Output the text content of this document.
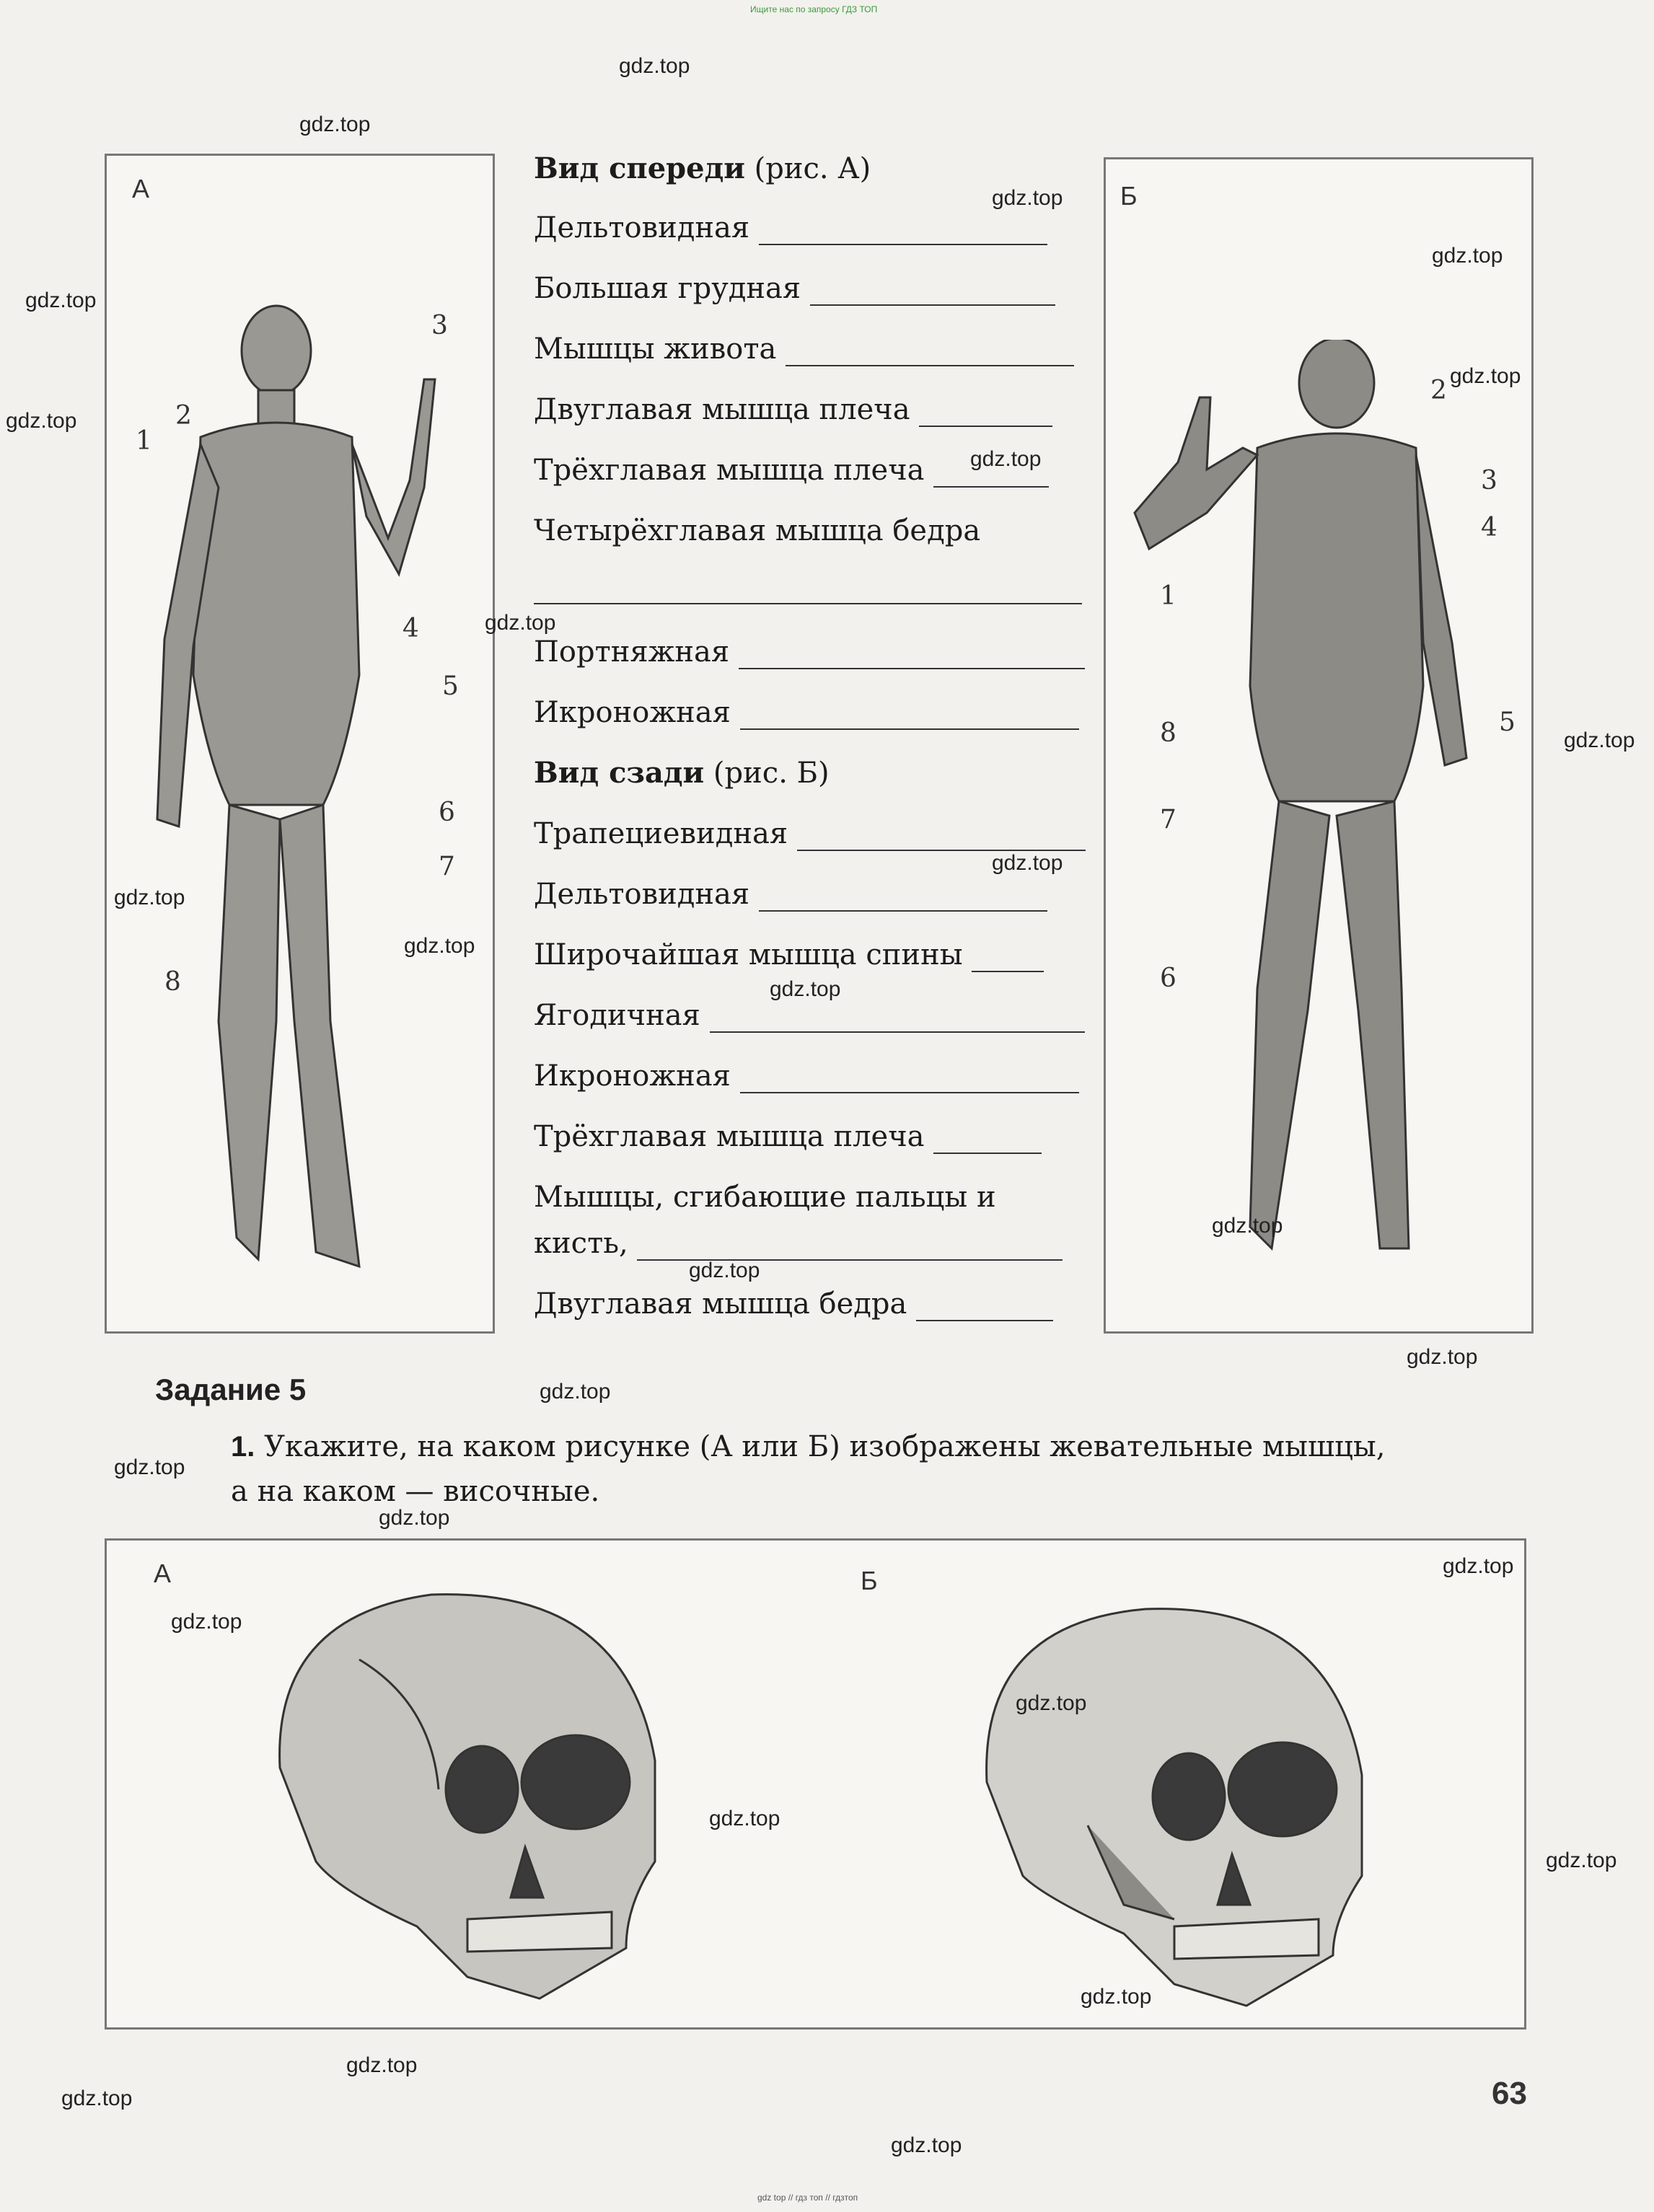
Ищите нас по запросу ГДЗ ТОП
gdz top // гдз топ // гдзтоп
А
1
2
3
4
5
6
7
8
Б
2
3
4
1
5
8
7
6
Вид спереди (рис. А)
Дельтовидная
Большая грудная
Мышцы живота
Двуглавая мышца плеча
Трёхглавая мышца плеча
Четырёхглавая мышца бедра
Портняжная
Икроножная
Вид сзади (рис. Б)
Трапециевидная
Дельтовидная
Широчайшая мышца спины
Ягодичная
Икроножная
Трёхглавая мышца плеча
Мышцы, сгибающие пальцы и
кисть,
Двуглавая мышца бедра
Задание 5
1. Укажите, на каком рисунке (А или Б) изображены жевательные мышцы,
а на каком — височные.
А	Б
63
gdz.top
gdz.top
gdz.top
gdz.top
gdz.top
gdz.top
gdz.top
gdz.top
gdz.top
gdz.top
gdz.top
gdz.top
gdz.top
gdz.top
gdz.top
gdz.top
gdz.top
gdz.top
gdz.top
gdz.top
gdz.top
gdz.top
gdz.top
gdz.top
gdz.top
gdz.top
gdz.top
gdz.top
gdz.top
